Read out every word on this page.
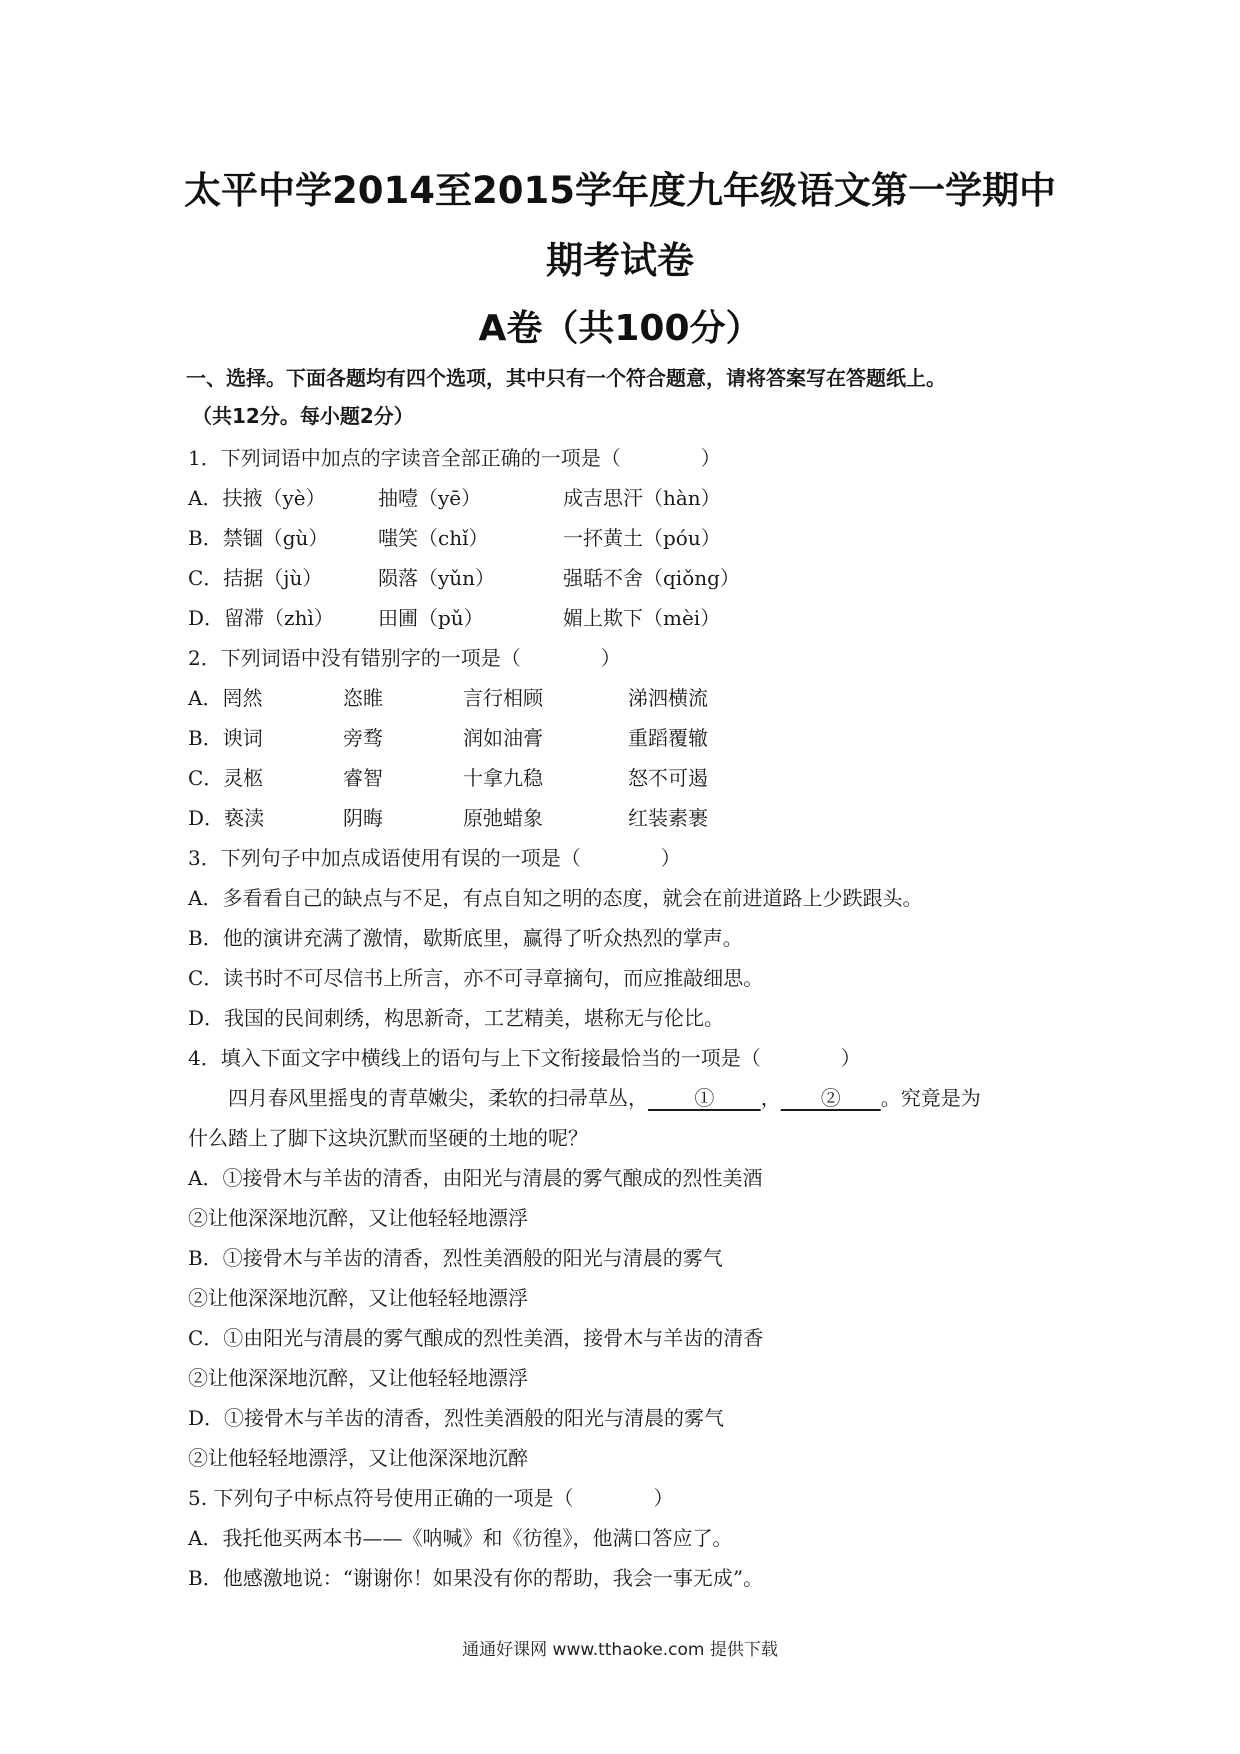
太平中学2014至2015学年度九年级语文第一学期中
期考试卷
A卷（共100分）
一、选择。下面各题均有四个选项，其中只有一个符合题意，请将答案写在答题纸上。
（共12分。每小题2分）
1．下列词语中加点的字读音全部正确的一项是（　　　　）
A．扶掖（yè）	抽噎（yē）	成吉思汗（hàn）
B．禁锢（gù） 嗤笑（chǐ）	一抔黄土（póu）
C．拮据（jù）	陨落（yǔn）	强聒不舍（qiǒng）
D．留滞（zhì） 田圃（pǔ）	媚上欺下（mèi）
2．下列词语中没有错别字的一项是（　　　　）
A．罔然	恣睢	言行相顾	涕泗横流
B．谀词	旁骛	润如油膏	重蹈覆辙
C．灵柩	睿智	十拿九稳	怒不可遏
D．亵渎	阴晦	原弛蜡象	红装素裹
3．下列句子中加点成语使用有误的一项是（　　　　）
A．多看看自己的缺点与不足，有点自知之明的态度，就会在前进道路上少跌跟头。
B．他的演讲充满了激情，歇斯底里，赢得了听众热烈的掌声。
C．读书时不可尽信书上所言，亦不可寻章摘句，而应推敲细思。
D．我国的民间刺绣，构思新奇，工艺精美，堪称无与伦比。
4．填入下面文字中横线上的语句与上下文衔接最恰当的一项是（　　　　）
　　四月春风里摇曳的青草嫩尖，柔软的扫帚草丛，　　 ①　　 ，　　②　　。究竟是为
什么踏上了脚下这块沉默而坚硬的土地的呢？
A．①接骨木与羊齿的清香，由阳光与清晨的雾气酿成的烈性美酒
②让他深深地沉醉，又让他轻轻地漂浮
B．①接骨木与羊齿的清香，烈性美酒般的阳光与清晨的雾气
②让他深深地沉醉，又让他轻轻地漂浮
C．①由阳光与清晨的雾气酿成的烈性美酒，接骨木与羊齿的清香
②让他深深地沉醉，又让他轻轻地漂浮
D．①接骨木与羊齿的清香，烈性美酒般的阳光与清晨的雾气
②让他轻轻地漂浮，又让他深深地沉醉
5. 下列句子中标点符号使用正确的一项是（　　　　）
A．我托他买两本书——《呐喊》和《彷徨》，他满口答应了。
B．他感激地说：“谢谢你！如果没有你的帮助，我会一事无成”。
通通好课网 www.tthaoke.com 提供下载
